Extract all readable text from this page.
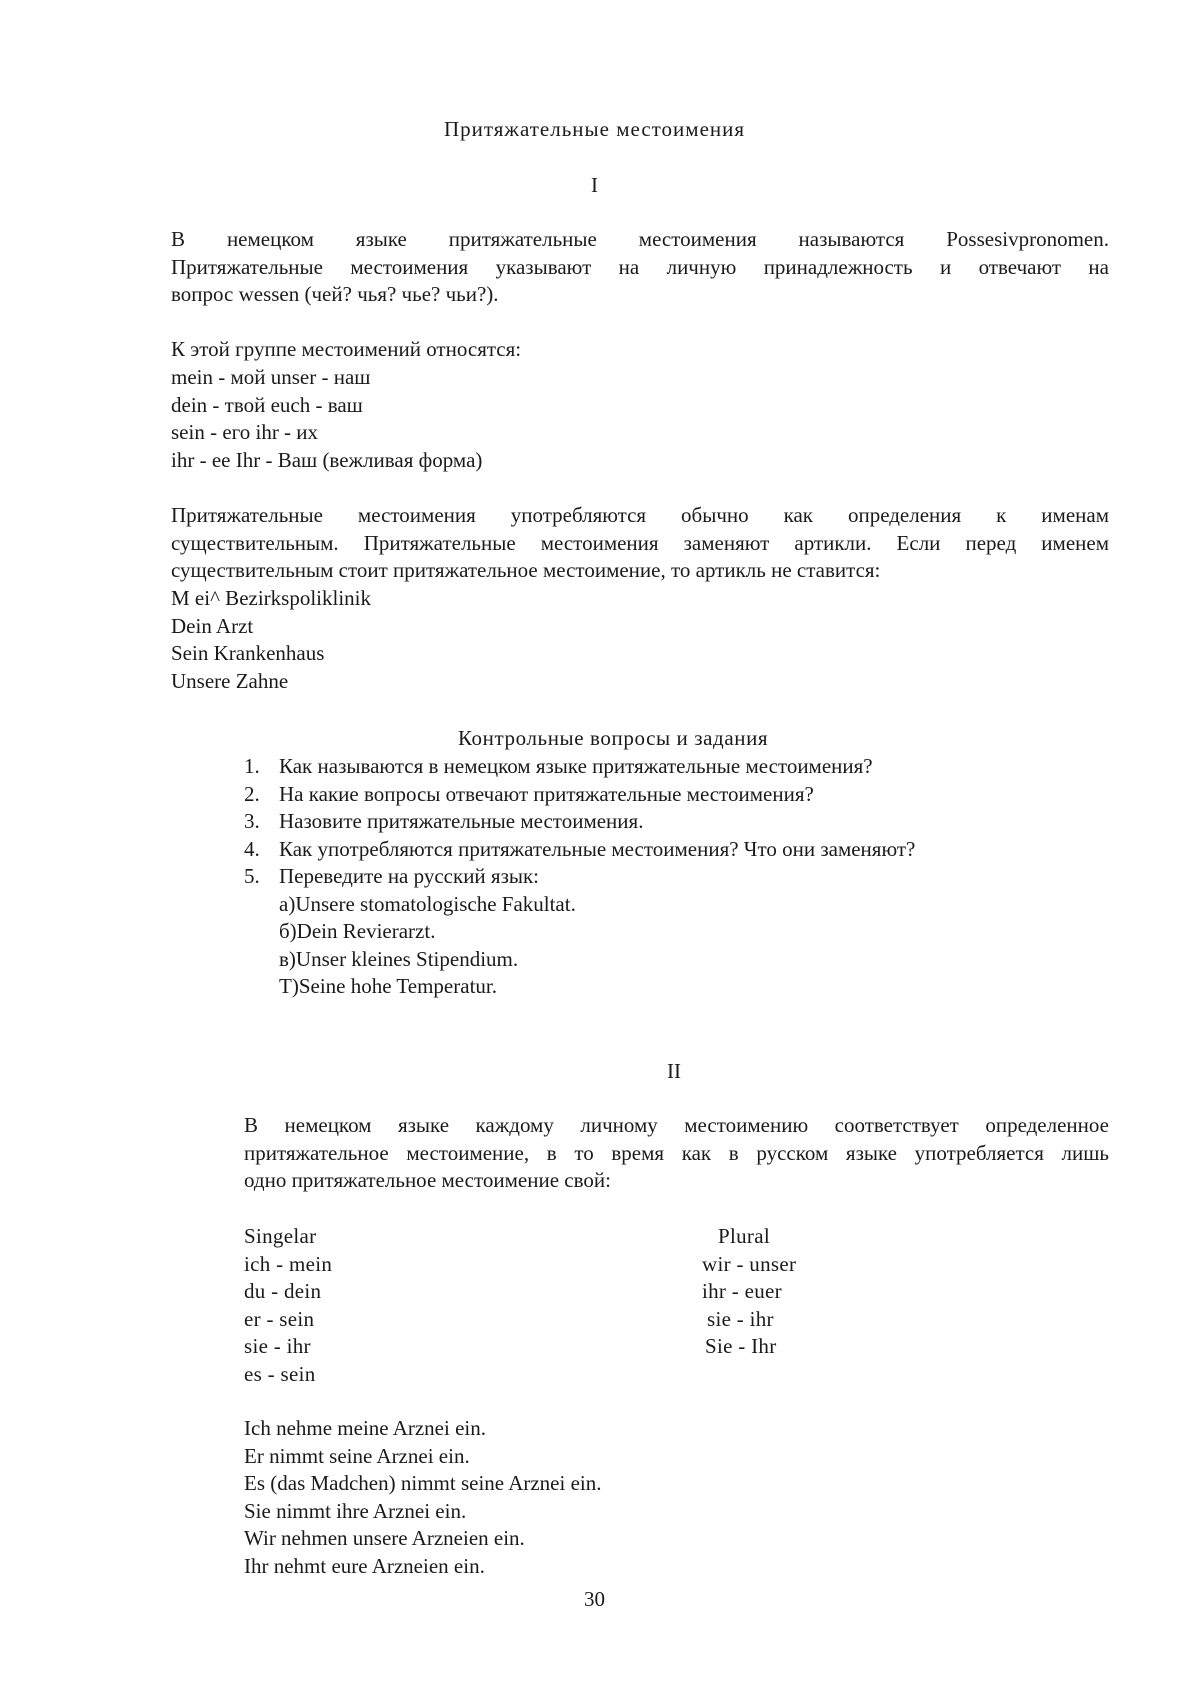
Притяжательные местоимения
I
В немецком языке притяжательные местоимения называются Possesivpronomen.
Притяжательные местоимения указывают на личную принадлежность и отвечают на
вопрос wessen (чей? чья? чье? чьи?).
К этой группе местоимений относятся:
mein - мой unser - наш
dein - твой euch - ваш
sein - его ihr - их
ihr - ee Ihr - Ваш (вежливая форма)
Притяжательные местоимения употребляются обычно как определения к именам
существительным. Притяжательные местоимения заменяют артикли. Если перед именем
существительным стоит притяжательное местоимение, то артикль не ставится:
M ei^ Bezirkspoliklinik
Dein Arzt
Sein Krankenhaus
Unsere Zahne
Контрольные вопросы и задания
1. Как называются в немецком языке притяжательные местоимения?
2. На какие вопросы отвечают притяжательные местоимения?
3. Назовите притяжательные местоимения.
4. Как употребляются притяжательные местоимения? Что они заменяют?
5. Переведите на русский язык:
а)Unsere stomatologische Fakultat.
б)Dein Revierarzt.
в)Unser kleines Stipendium.
Т)Seine hohe Temperatur.
II
В немецком языке каждому личному местоимению соответствует определенное
притяжательное местоимение, в то время как в русском языке употребляется лишь
одно притяжательное местоимение свой:
Singelar
ich - mein
du - dein
er - sein
sie - ihr
es - sein
Plural
wir - unser
ihr - euer
sie - ihr
Sie - Ihr
Ich nehme meine Arznei ein.
Er nimmt seine Arznei ein.
Es (das Madchen) nimmt seine Arznei ein.
Sie nimmt ihre Arznei ein.
Wir nehmen unsere Arzneien ein.
Ihr nehmt eure Arzneien ein.
30
